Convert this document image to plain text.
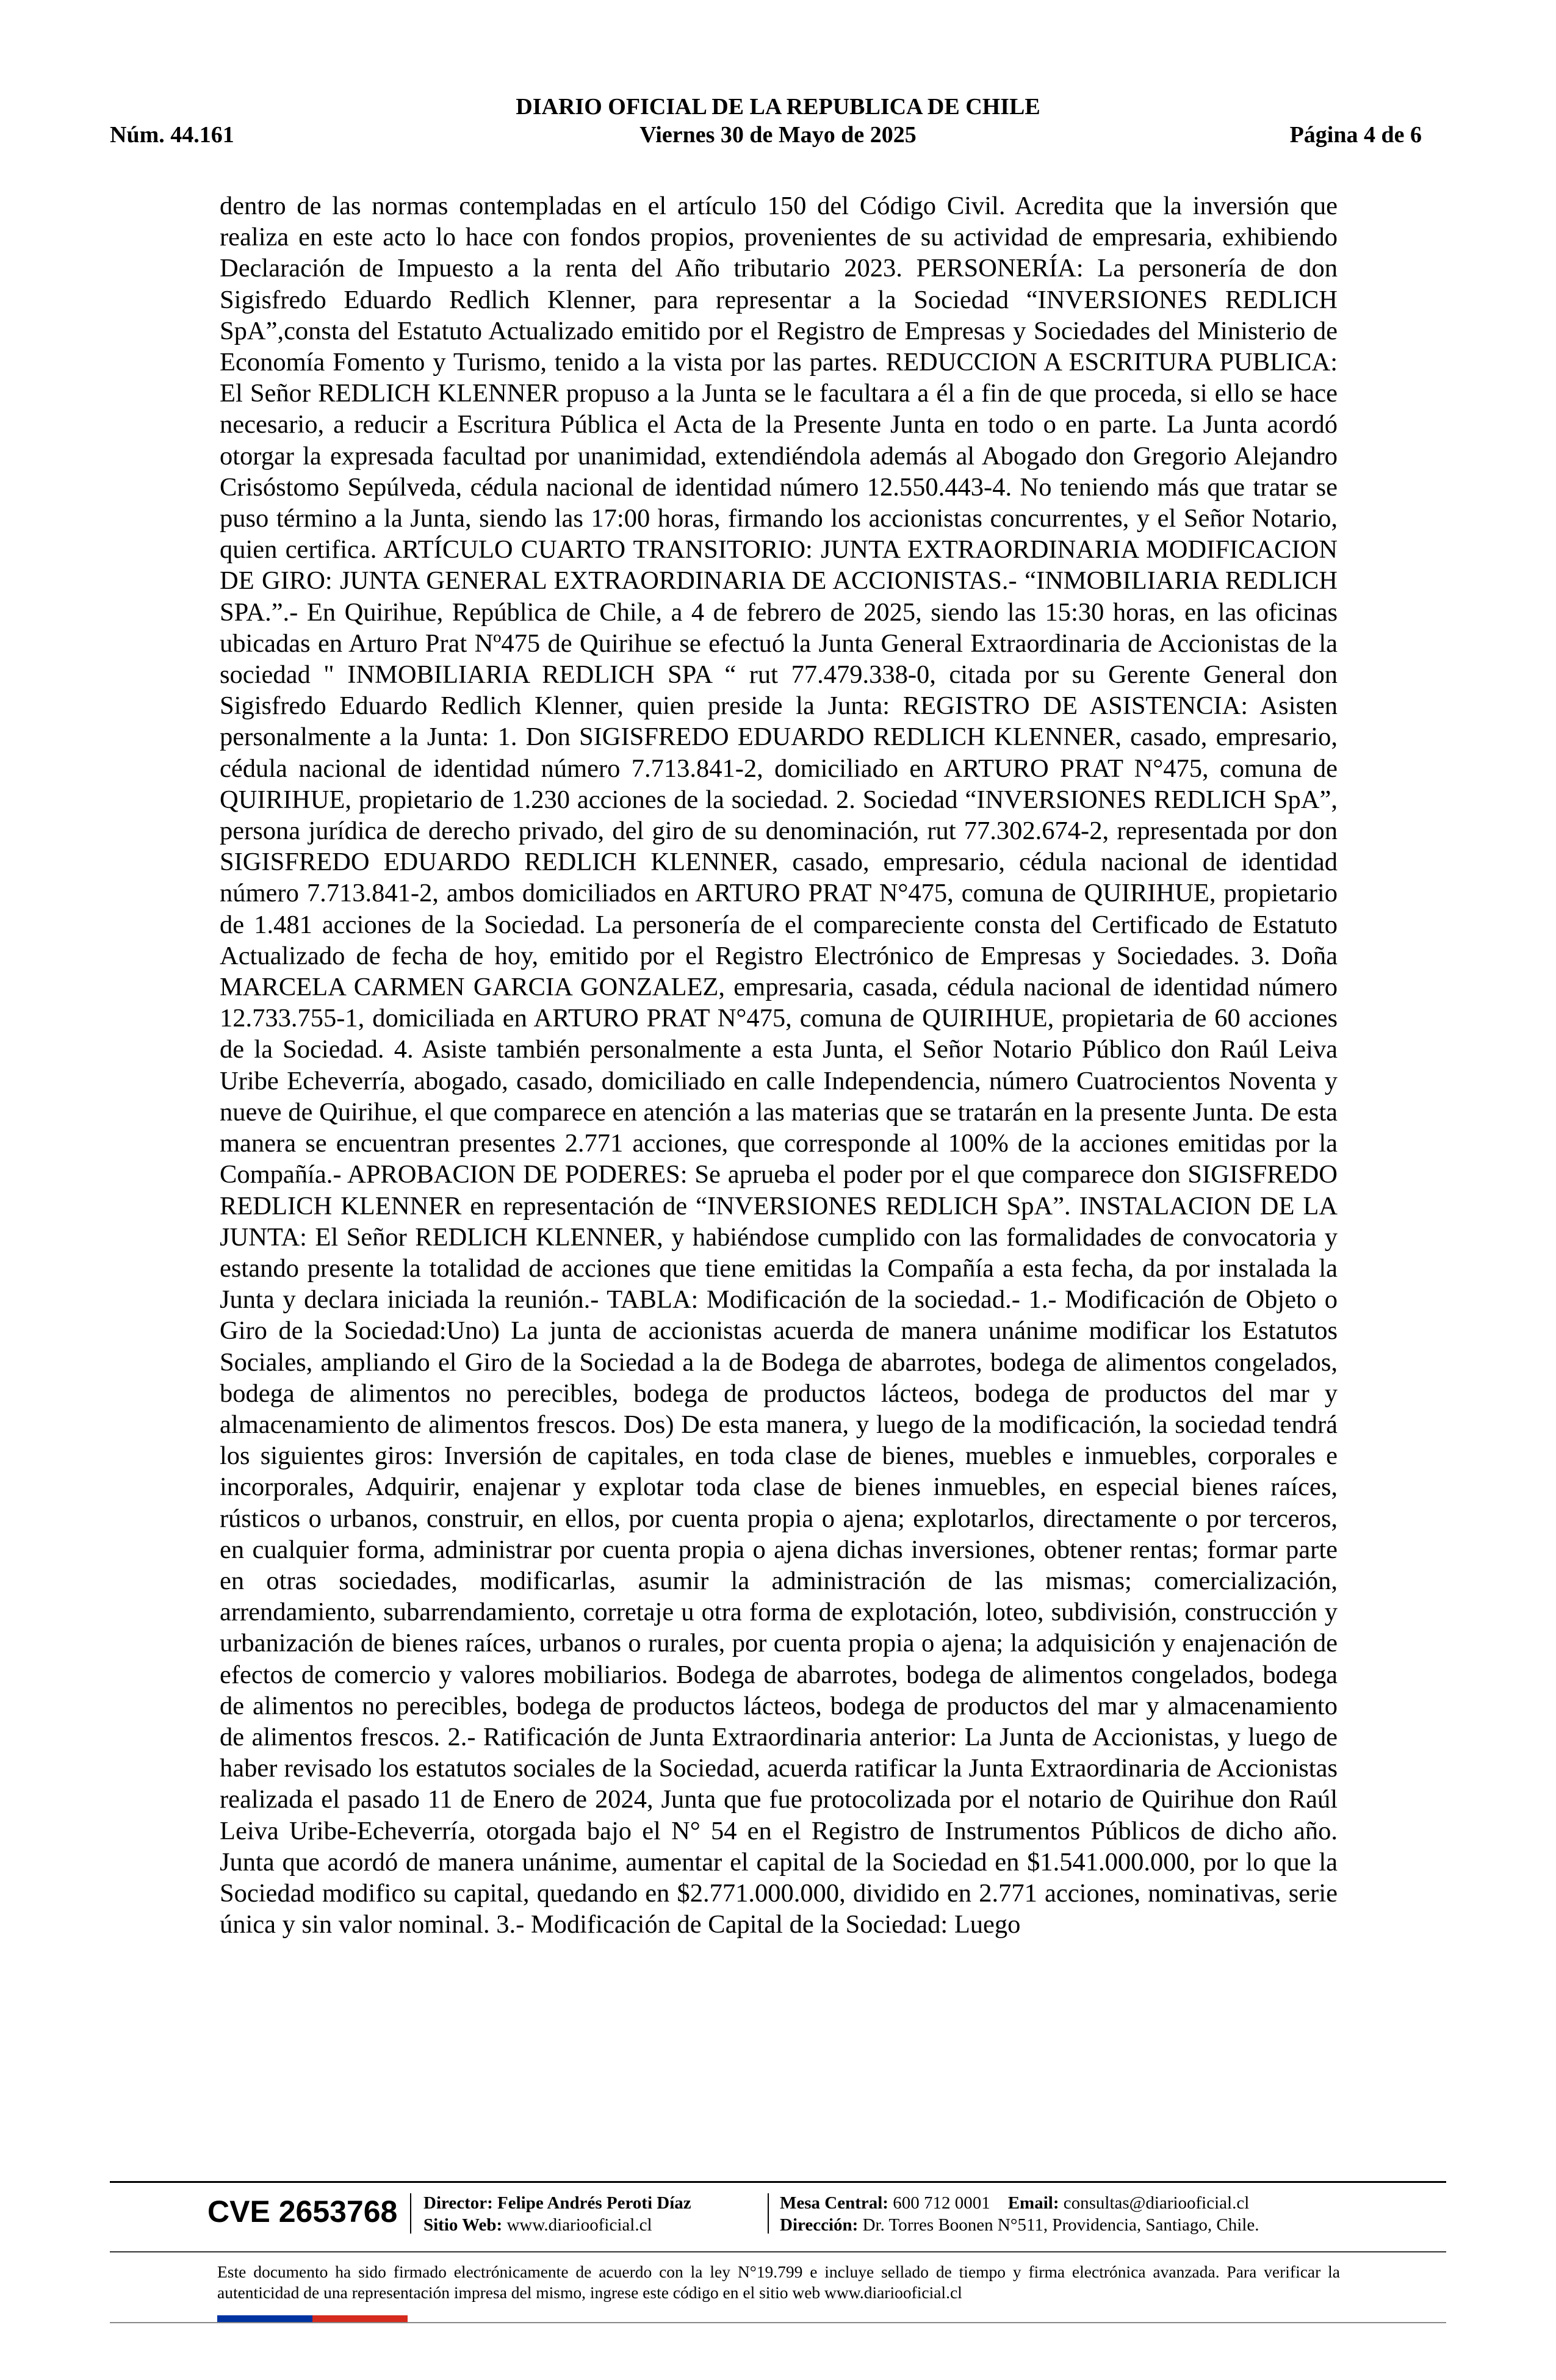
DIARIO OFICIAL DE LA REPUBLICA DE CHILE
Núm. 44.161	Viernes 30 de Mayo de 2025	Página 4 de 6

dentro de las normas contempladas en el artículo 150 del Código Civil. Acredita que la inversión que realiza en este acto lo hace con fondos propios, provenientes de su actividad de empresaria, exhibiendo Declaración de Impuesto a la renta del Año tributario 2023. PERSONERÍA: La personería de don Sigisfredo Eduardo Redlich Klenner, para representar a la Sociedad “INVERSIONES REDLICH SpA”,consta del Estatuto Actualizado emitido por el Registro de Empresas y Sociedades del Ministerio de Economía Fomento y Turismo, tenido a la vista por las partes. REDUCCION A ESCRITURA PUBLICA: El Señor REDLICH KLENNER propuso a la Junta se le facultara a él a fin de que proceda, si ello se hace necesario, a reducir a Escritura Pública el Acta de la Presente Junta en todo o en parte. La Junta acordó otorgar la expresada facultad por unanimidad, extendiéndola además al Abogado don Gregorio Alejandro Crisóstomo Sepúlveda, cédula nacional de identidad número 12.550.443-4. No teniendo más que tratar se puso término a la Junta, siendo las 17:00 horas, firmando los accionistas concurrentes, y el Señor Notario, quien certifica. ARTÍCULO CUARTO TRANSITORIO: JUNTA EXTRAORDINARIA MODIFICACION DE GIRO: JUNTA GENERAL EXTRAORDINARIA DE ACCIONISTAS.- “INMOBILIARIA REDLICH SPA.”.- En Quirihue, República de Chile, a 4 de febrero de 2025, siendo las 15:30 horas, en las oficinas ubicadas en Arturo Prat Nº475 de Quirihue se efectuó la Junta General Extraordinaria de Accionistas de la sociedad " INMOBILIARIA REDLICH SPA “ rut 77.479.338-0, citada por su Gerente General don Sigisfredo Eduardo Redlich Klenner, quien preside la Junta: REGISTRO DE ASISTENCIA: Asisten personalmente a la Junta: 1. Don SIGISFREDO EDUARDO REDLICH KLENNER, casado, empresario, cédula nacional de identidad número 7.713.841-2, domiciliado en ARTURO PRAT N°475, comuna de QUIRIHUE, propietario de 1.230 acciones de la sociedad. 2. Sociedad “INVERSIONES REDLICH SpA”, persona jurídica de derecho privado, del giro de su denominación, rut 77.302.674-2, representada por don SIGISFREDO EDUARDO REDLICH KLENNER, casado, empresario, cédula nacional de identidad número 7.713.841-2, ambos domiciliados en ARTURO PRAT N°475, comuna de QUIRIHUE, propietario de 1.481 acciones de la Sociedad. La personería de el compareciente consta del Certificado de Estatuto Actualizado de fecha de hoy, emitido por el Registro Electrónico de Empresas y Sociedades. 3. Doña MARCELA CARMEN GARCIA GONZALEZ, empresaria, casada, cédula nacional de identidad número 12.733.755-1, domiciliada en ARTURO PRAT N°475, comuna de QUIRIHUE, propietaria de 60 acciones de la Sociedad. 4. Asiste también personalmente a esta Junta, el Señor Notario Público don Raúl Leiva Uribe Echeverría, abogado, casado, domiciliado en calle Independencia, número Cuatrocientos Noventa y nueve de Quirihue, el que comparece en atención a las materias que se tratarán en la presente Junta. De esta manera se encuentran presentes 2.771 acciones, que corresponde al 100% de la acciones emitidas por la Compañía.- APROBACION DE PODERES: Se aprueba el poder por el que comparece don SIGISFREDO REDLICH KLENNER en representación de “INVERSIONES REDLICH SpA”. INSTALACION DE LA JUNTA: El Señor REDLICH KLENNER, y habiéndose cumplido con las formalidades de convocatoria y estando presente la totalidad de acciones que tiene emitidas la Compañía a esta fecha, da por instalada la Junta y declara iniciada la reunión.- TABLA: Modificación de la sociedad.- 1.- Modificación de Objeto o Giro de la Sociedad:Uno) La junta de accionistas acuerda de manera unánime modificar los Estatutos Sociales, ampliando el Giro de la Sociedad a la de Bodega de abarrotes, bodega de alimentos congelados, bodega de alimentos no perecibles, bodega de productos lácteos, bodega de productos del mar y almacenamiento de alimentos frescos. Dos) De esta manera, y luego de la modificación, la sociedad tendrá los siguientes giros: Inversión de capitales, en toda clase de bienes, muebles e inmuebles, corporales e incorporales, Adquirir, enajenar y explotar toda clase de bienes inmuebles, en especial bienes raíces, rústicos o urbanos, construir, en ellos, por cuenta propia o ajena; explotarlos, directamente o por terceros, en cualquier forma, administrar por cuenta propia o ajena dichas inversiones, obtener rentas; formar parte en otras sociedades, modificarlas, asumir la administración de las mismas; comercialización, arrendamiento, subarrendamiento, corretaje u otra forma de explotación, loteo, subdivisión, construcción y urbanización de bienes raíces, urbanos o rurales, por cuenta propia o ajena; la adquisición y enajenación de efectos de comercio y valores mobiliarios. Bodega de abarrotes, bodega de alimentos congelados, bodega de alimentos no perecibles, bodega de productos lácteos, bodega de productos del mar y almacenamiento de alimentos frescos. 2.- Ratificación de Junta Extraordinaria anterior: La Junta de Accionistas, y luego de haber revisado los estatutos sociales de la Sociedad, acuerda ratificar la Junta Extraordinaria de Accionistas realizada el pasado 11 de Enero de 2024, Junta que fue protocolizada por el notario de Quirihue don Raúl Leiva Uribe-Echeverría, otorgada bajo el N° 54 en el Registro de Instrumentos Públicos de dicho año. Junta que acordó de manera unánime, aumentar el capital de la Sociedad en $1.541.000.000, por lo que la Sociedad modifico su capital, quedando en $2.771.000.000, dividido en 2.771 acciones, nominativas, serie única y sin valor nominal. 3.- Modificación de Capital de la Sociedad: Luego

CVE 2653768 Director: Felipe Andrés Peroti Díaz
Sitio Web: www.diariooficial.cl
Mesa Central: 600 712 0001 Email: consultas@diariooficial.cl
Dirección: Dr. Torres Boonen N°511, Providencia, Santiago, Chile.
Este documento ha sido firmado electrónicamente de acuerdo con la ley N°19.799 e incluye sellado de tiempo y firma electrónica avanzada. Para verificar la autenticidad de una representación impresa del mismo, ingrese este código en el sitio web www.diariooficial.cl
